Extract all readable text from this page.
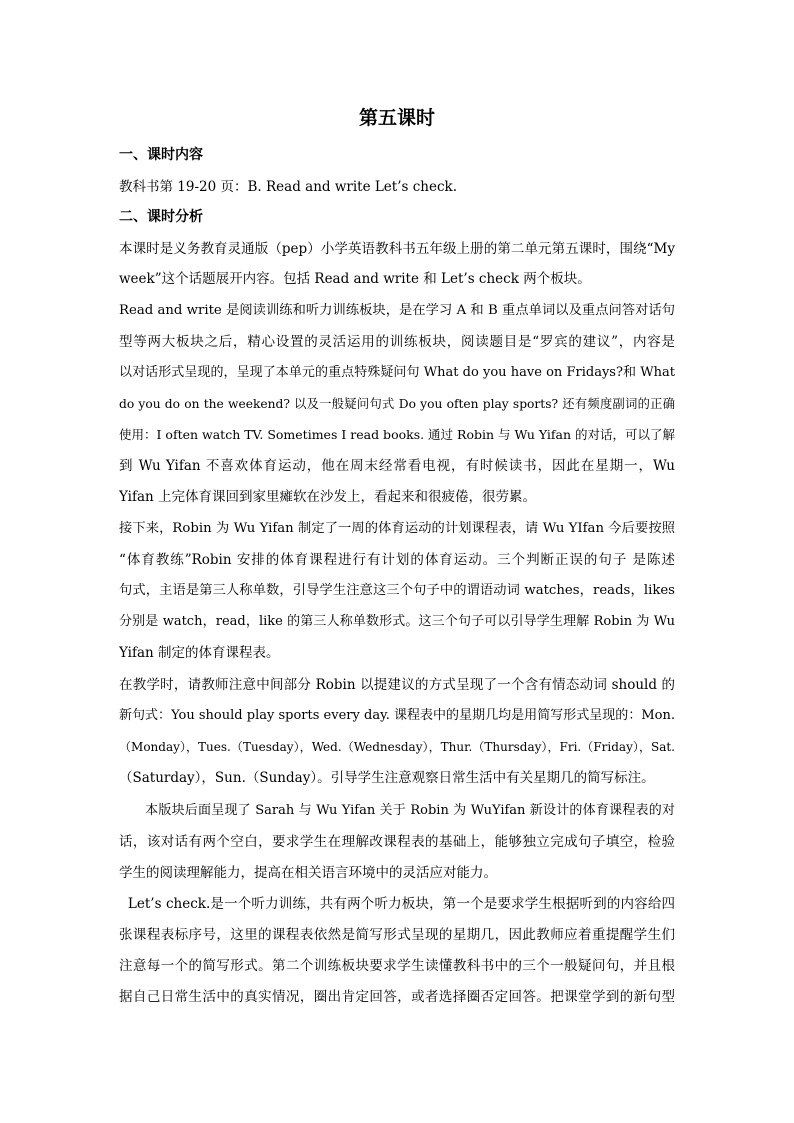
第五课时
一、课时内容
教科书第 19-20 页：B. Read and write Let’s check.
二、课时分析
本课时是义务教育灵通版（pep）小学英语教科书五年级上册的第二单元第五课时，围绕“My
week”这个话题展开内容。包括 Read and write 和 Let’s check 两个板块。
Read and write 是阅读训练和听力训练板块，是在学习 A 和 B 重点单词以及重点问答对话句
型等两大板块之后，精心设置的灵活运用的训练板块，阅读题目是“罗宾的建议”，内容是
以对话形式呈现的，呈现了本单元的重点特殊疑问句 What do you have on Fridays?和 What
do you do on the weekend? 以及一般疑问句式 Do you often play sports? 还有频度副词的正确
使用：I often watch TV. Sometimes I read books. 通过 Robin 与 Wu Yifan 的对话，可以了解
到 Wu Yifan 不喜欢体育运动，他在周末经常看电视，有时候读书，因此在星期一，Wu
Yifan 上完体育课回到家里瘫软在沙发上，看起来和很疲倦，很劳累。
接下来，Robin 为 Wu Yifan 制定了一周的体育运动的计划课程表，请 Wu YIfan 今后要按照
“体育教练”Robin 安排的体育课程进行有计划的体育运动。三个判断正误的句子 是陈述
句式，主语是第三人称单数，引导学生注意这三个句子中的谓语动词 watches，reads，likes
分别是 watch，read，like 的第三人称单数形式。这三个句子可以引导学生理解 Robin 为 Wu
Yifan 制定的体育课程表。
在教学时，请教师注意中间部分 Robin 以提建议的方式呈现了一个含有情态动词 should 的
新句式：You should play sports every day. 课程表中的星期几均是用简写形式呈现的：Mon.
（Monday），Tues.（Tuesday），Wed.（Wednesday），Thur.（Thursday），Fri.（Friday），Sat.
（Saturday），Sun.（Sunday）。引导学生注意观察日常生活中有关星期几的简写标注。
本版块后面呈现了 Sarah 与 Wu Yifan 关于 Robin 为 WuYifan 新设计的体育课程表的对
话，该对话有两个空白，要求学生在理解改课程表的基础上，能够独立完成句子填空，检验
学生的阅读理解能力，提高在相关语言环境中的灵活应对能力。
Let’s check.是一个听力训练，共有两个听力板块，第一个是要求学生根据听到的内容给四
张课程表标序号，这里的课程表依然是简写形式呈现的星期几，因此教师应着重提醒学生们
注意每一个的简写形式。第二个训练板块要求学生读懂教科书中的三个一般疑问句，并且根
据自己日常生活中的真实情况，圈出肯定回答，或者选择圈否定回答。把课堂学到的新句型
